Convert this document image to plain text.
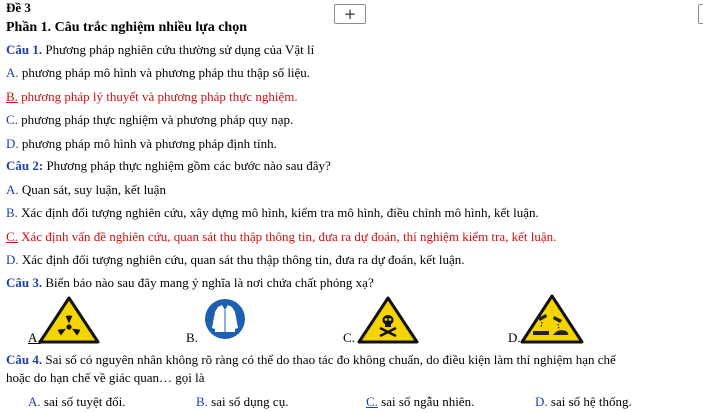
Đề 3
Phần 1. Câu trắc nghiệm nhiều lựa chọn
+
Câu 1. Phương pháp nghiên cứu thường sử dụng của Vật lí
A. phương pháp mô hình và phương pháp thu thập số liệu.
B. phương pháp lý thuyết và phương pháp thực nghiệm.
C. phương pháp thực nghiệm và phương pháp quy nạp.
D. phương pháp mô hình và phương pháp định tính.
Câu 2: Phương pháp thực nghiệm gồm các bước nào sau đây?
A. Quan sát, suy luận, kết luận
B. Xác định đối tượng nghiên cứu, xây dựng mô hình, kiểm tra mô hình, điều chỉnh mô hình, kết luận.
C. Xác định vấn đề nghiên cứu, quan sát thu thập thông tin, đưa ra dự đoán, thí nghiệm kiểm tra, kết luận.
D. Xác định đối tượng nghiên cứu, quan sát thu thập thông tin, đưa ra dự đoán, kết luận.
Câu 3. Biển báo nào sau đây mang ý nghĩa là nơi chứa chất phóng xạ?
A.	B.	C.	D.
Câu 4. Sai số có nguyên nhân không rõ ràng có thể do thao tác đo không chuẩn, do điều kiện làm thí nghiệm hạn chế
hoặc do hạn chế về giác quan… gọi là
A. sai số tuyệt đối.	B. sai số dụng cụ.	C. sai số ngẫu nhiên.	D. sai số hệ thống.
